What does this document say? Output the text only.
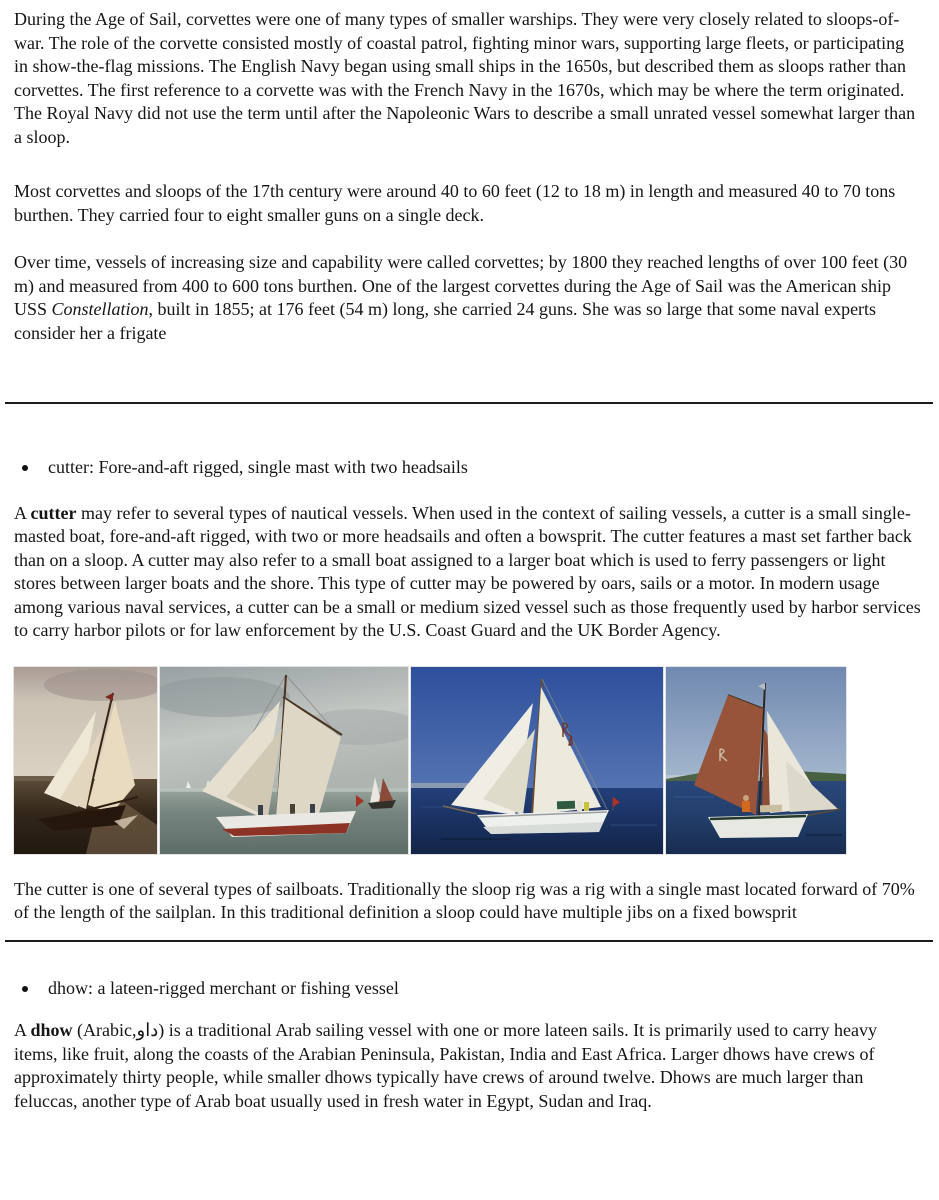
During the Age of Sail, corvettes were one of many types of smaller warships. They were very closely related to sloops-of-war. The role of the corvette consisted mostly of coastal patrol, fighting minor wars, supporting large fleets, or participating in show-the-flag missions. The English Navy began using small ships in the 1650s, but described them as sloops rather than corvettes. The first reference to a corvette was with the French Navy in the 1670s, which may be where the term originated. The Royal Navy did not use the term until after the Napoleonic Wars to describe a small unrated vessel somewhat larger than a sloop.

Most corvettes and sloops of the 17th century were around 40 to 60 feet (12 to 18 m) in length and measured 40 to 70 tons burthen. They carried four to eight smaller guns on a single deck.

Over time, vessels of increasing size and capability were called corvettes; by 1800 they reached lengths of over 100 feet (30 m) and measured from 400 to 600 tons burthen. One of the largest corvettes during the Age of Sail was the American ship USS Constellation, built in 1855; at 176 feet (54 m) long, she carried 24 guns. She was so large that some naval experts consider her a frigate

cutter: Fore-and-aft rigged, single mast with two headsails

A cutter may refer to several types of nautical vessels. When used in the context of sailing vessels, a cutter is a small single-masted boat, fore-and-aft rigged, with two or more headsails and often a bowsprit. The cutter features a mast set farther back than on a sloop. A cutter may also refer to a small boat assigned to a larger boat which is used to ferry passengers or light stores between larger boats and the shore. This type of cutter may be powered by oars, sails or a motor. In modern usage among various naval services, a cutter can be a small or medium sized vessel such as those frequently used by harbor services to carry harbor pilots or for law enforcement by the U.S. Coast Guard and the UK Border Agency.

The cutter is one of several types of sailboats. Traditionally the sloop rig was a rig with a single mast located forward of 70% of the length of the sailplan. In this traditional definition a sloop could have multiple jibs on a fixed bowsprit

dhow: a lateen-rigged merchant or fishing vessel

A dhow (Arabic,داو) is a traditional Arab sailing vessel with one or more lateen sails. It is primarily used to carry heavy items, like fruit, along the coasts of the Arabian Peninsula, Pakistan, India and East Africa. Larger dhows have crews of approximately thirty people, while smaller dhows typically have crews of around twelve. Dhows are much larger than feluccas, another type of Arab boat usually used in fresh water in Egypt, Sudan and Iraq.
